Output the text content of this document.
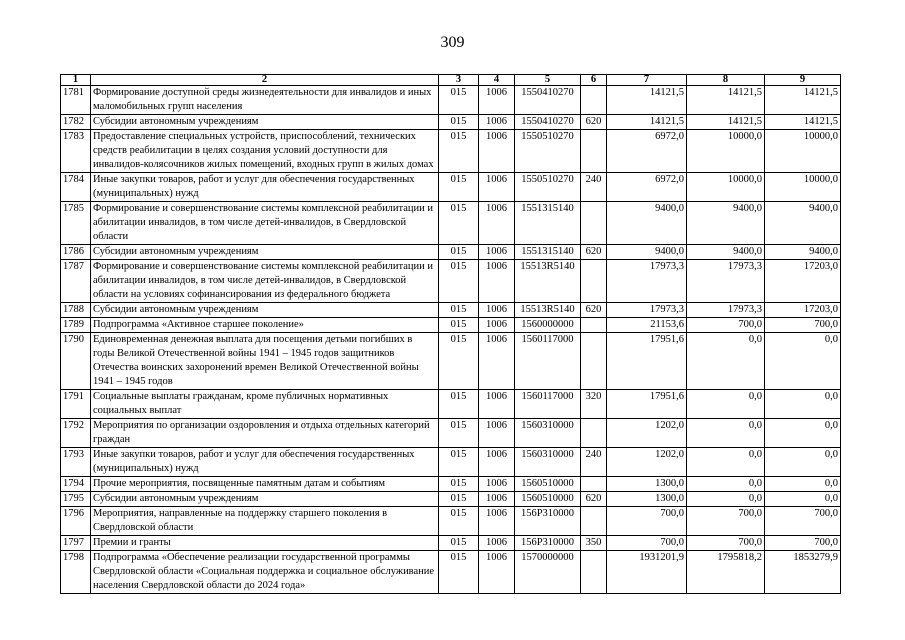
309
1	2	3	4	5	6	7	8	9
1781	Формирование доступной среды жизнедеятельности для инвалидов и иных маломобильных групп населения	015	1006	1550410270		14121,5	14121,5	14121,5
1782	Субсидии автономным учреждениям	015	1006	1550410270	620	14121,5	14121,5	14121,5
1783	Предоставление специальных устройств, приспособлений, технических средств реабилитации в целях создания условий доступности для инвалидов-колясочников жилых помещений, входных групп в жилых домах	015	1006	1550510270		6972,0	10000,0	10000,0
1784	Иные закупки товаров, работ и услуг для обеспечения государственных (муниципальных) нужд	015	1006	1550510270	240	6972,0	10000,0	10000,0
1785	Формирование и совершенствование системы комплексной реабилитации и абилитации инвалидов, в том числе детей-инвалидов, в Свердловской области	015	1006	1551315140		9400,0	9400,0	9400,0
1786	Субсидии автономным учреждениям	015	1006	1551315140	620	9400,0	9400,0	9400,0
1787	Формирование и совершенствование системы комплексной реабилитации и абилитации инвалидов, в том числе детей-инвалидов, в Свердловской области на условиях софинансирования из федерального бюджета	015	1006	15513R5140		17973,3	17973,3	17203,0
1788	Субсидии автономным учреждениям	015	1006	15513R5140	620	17973,3	17973,3	17203,0
1789	Подпрограмма «Активное старшее поколение»	015	1006	1560000000		21153,6	700,0	700,0
1790	Единовременная денежная выплата для посещения детьми погибших в годы Великой Отечественной войны 1941 – 1945 годов защитников Отечества воинских захоронений времен Великой Отечественной войны 1941 – 1945 годов	015	1006	1560117000		17951,6	0,0	0,0
1791	Социальные выплаты гражданам, кроме публичных нормативных социальных выплат	015	1006	1560117000	320	17951,6	0,0	0,0
1792	Мероприятия по организации оздоровления и отдыха отдельных категорий граждан	015	1006	1560310000		1202,0	0,0	0,0
1793	Иные закупки товаров, работ и услуг для обеспечения государственных (муниципальных) нужд	015	1006	1560310000	240	1202,0	0,0	0,0
1794	Прочие мероприятия, посвященные памятным датам и событиям	015	1006	1560510000		1300,0	0,0	0,0
1795	Субсидии автономным учреждениям	015	1006	1560510000	620	1300,0	0,0	0,0
1796	Мероприятия, направленные на поддержку старшего поколения в Свердловской области	015	1006	156P310000		700,0	700,0	700,0
1797	Премии и гранты	015	1006	156P310000	350	700,0	700,0	700,0
1798	Подпрограмма «Обеспечение реализации государственной программы Свердловской области «Социальная поддержка и социальное обслуживание населения Свердловской области до 2024 года»	015	1006	1570000000		1931201,9	1795818,2	1853279,9
